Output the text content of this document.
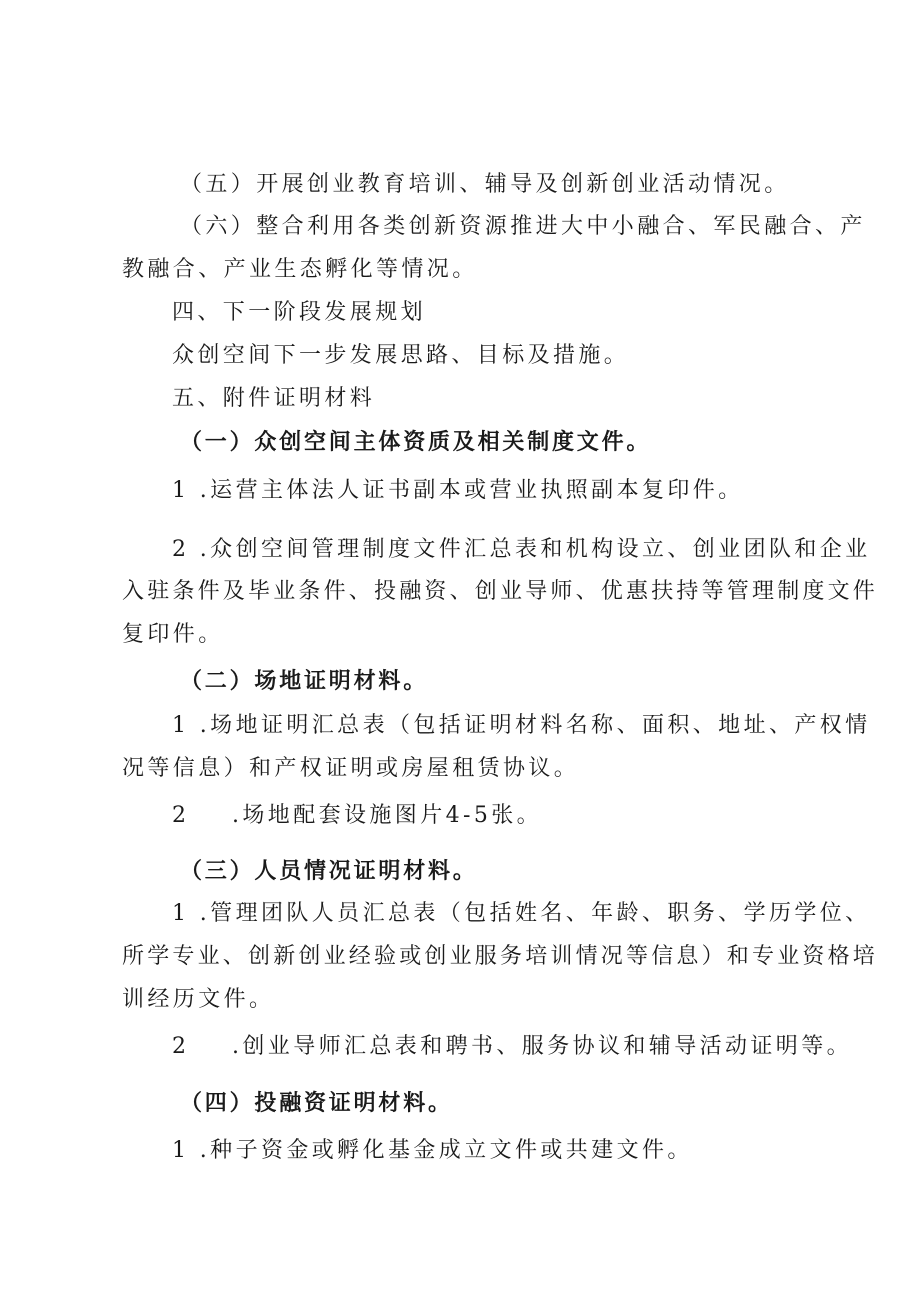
（五）开展创业教育培训、辅导及创新创业活动情况。
（六）整合利用各类创新资源推进大中小融合、军民融合、产
教融合、产业生态孵化等情况。
四、下一阶段发展规划
众创空间下一步发展思路、目标及措施。
五、附件证明材料
（一）众创空间主体资质及相关制度文件。
1 .运营主体法人证书副本或营业执照副本复印件。
2 .众创空间管理制度文件汇总表和机构设立、创业团队和企业
入驻条件及毕业条件、投融资、创业导师、优惠扶持等管理制度文件
复印件。
（二）场地证明材料。
1 .场地证明汇总表（包括证明材料名称、面积、地址、产权情
况等信息）和产权证明或房屋租赁协议。
2 .场地配套设施图片4-5张。
（三）人员情况证明材料。
1 .管理团队人员汇总表（包括姓名、年龄、职务、学历学位、
所学专业、创新创业经验或创业服务培训情况等信息）和专业资格培
训经历文件。
2 .创业导师汇总表和聘书、服务协议和辅导活动证明等。
（四）投融资证明材料。
1 .种子资金或孵化基金成立文件或共建文件。
